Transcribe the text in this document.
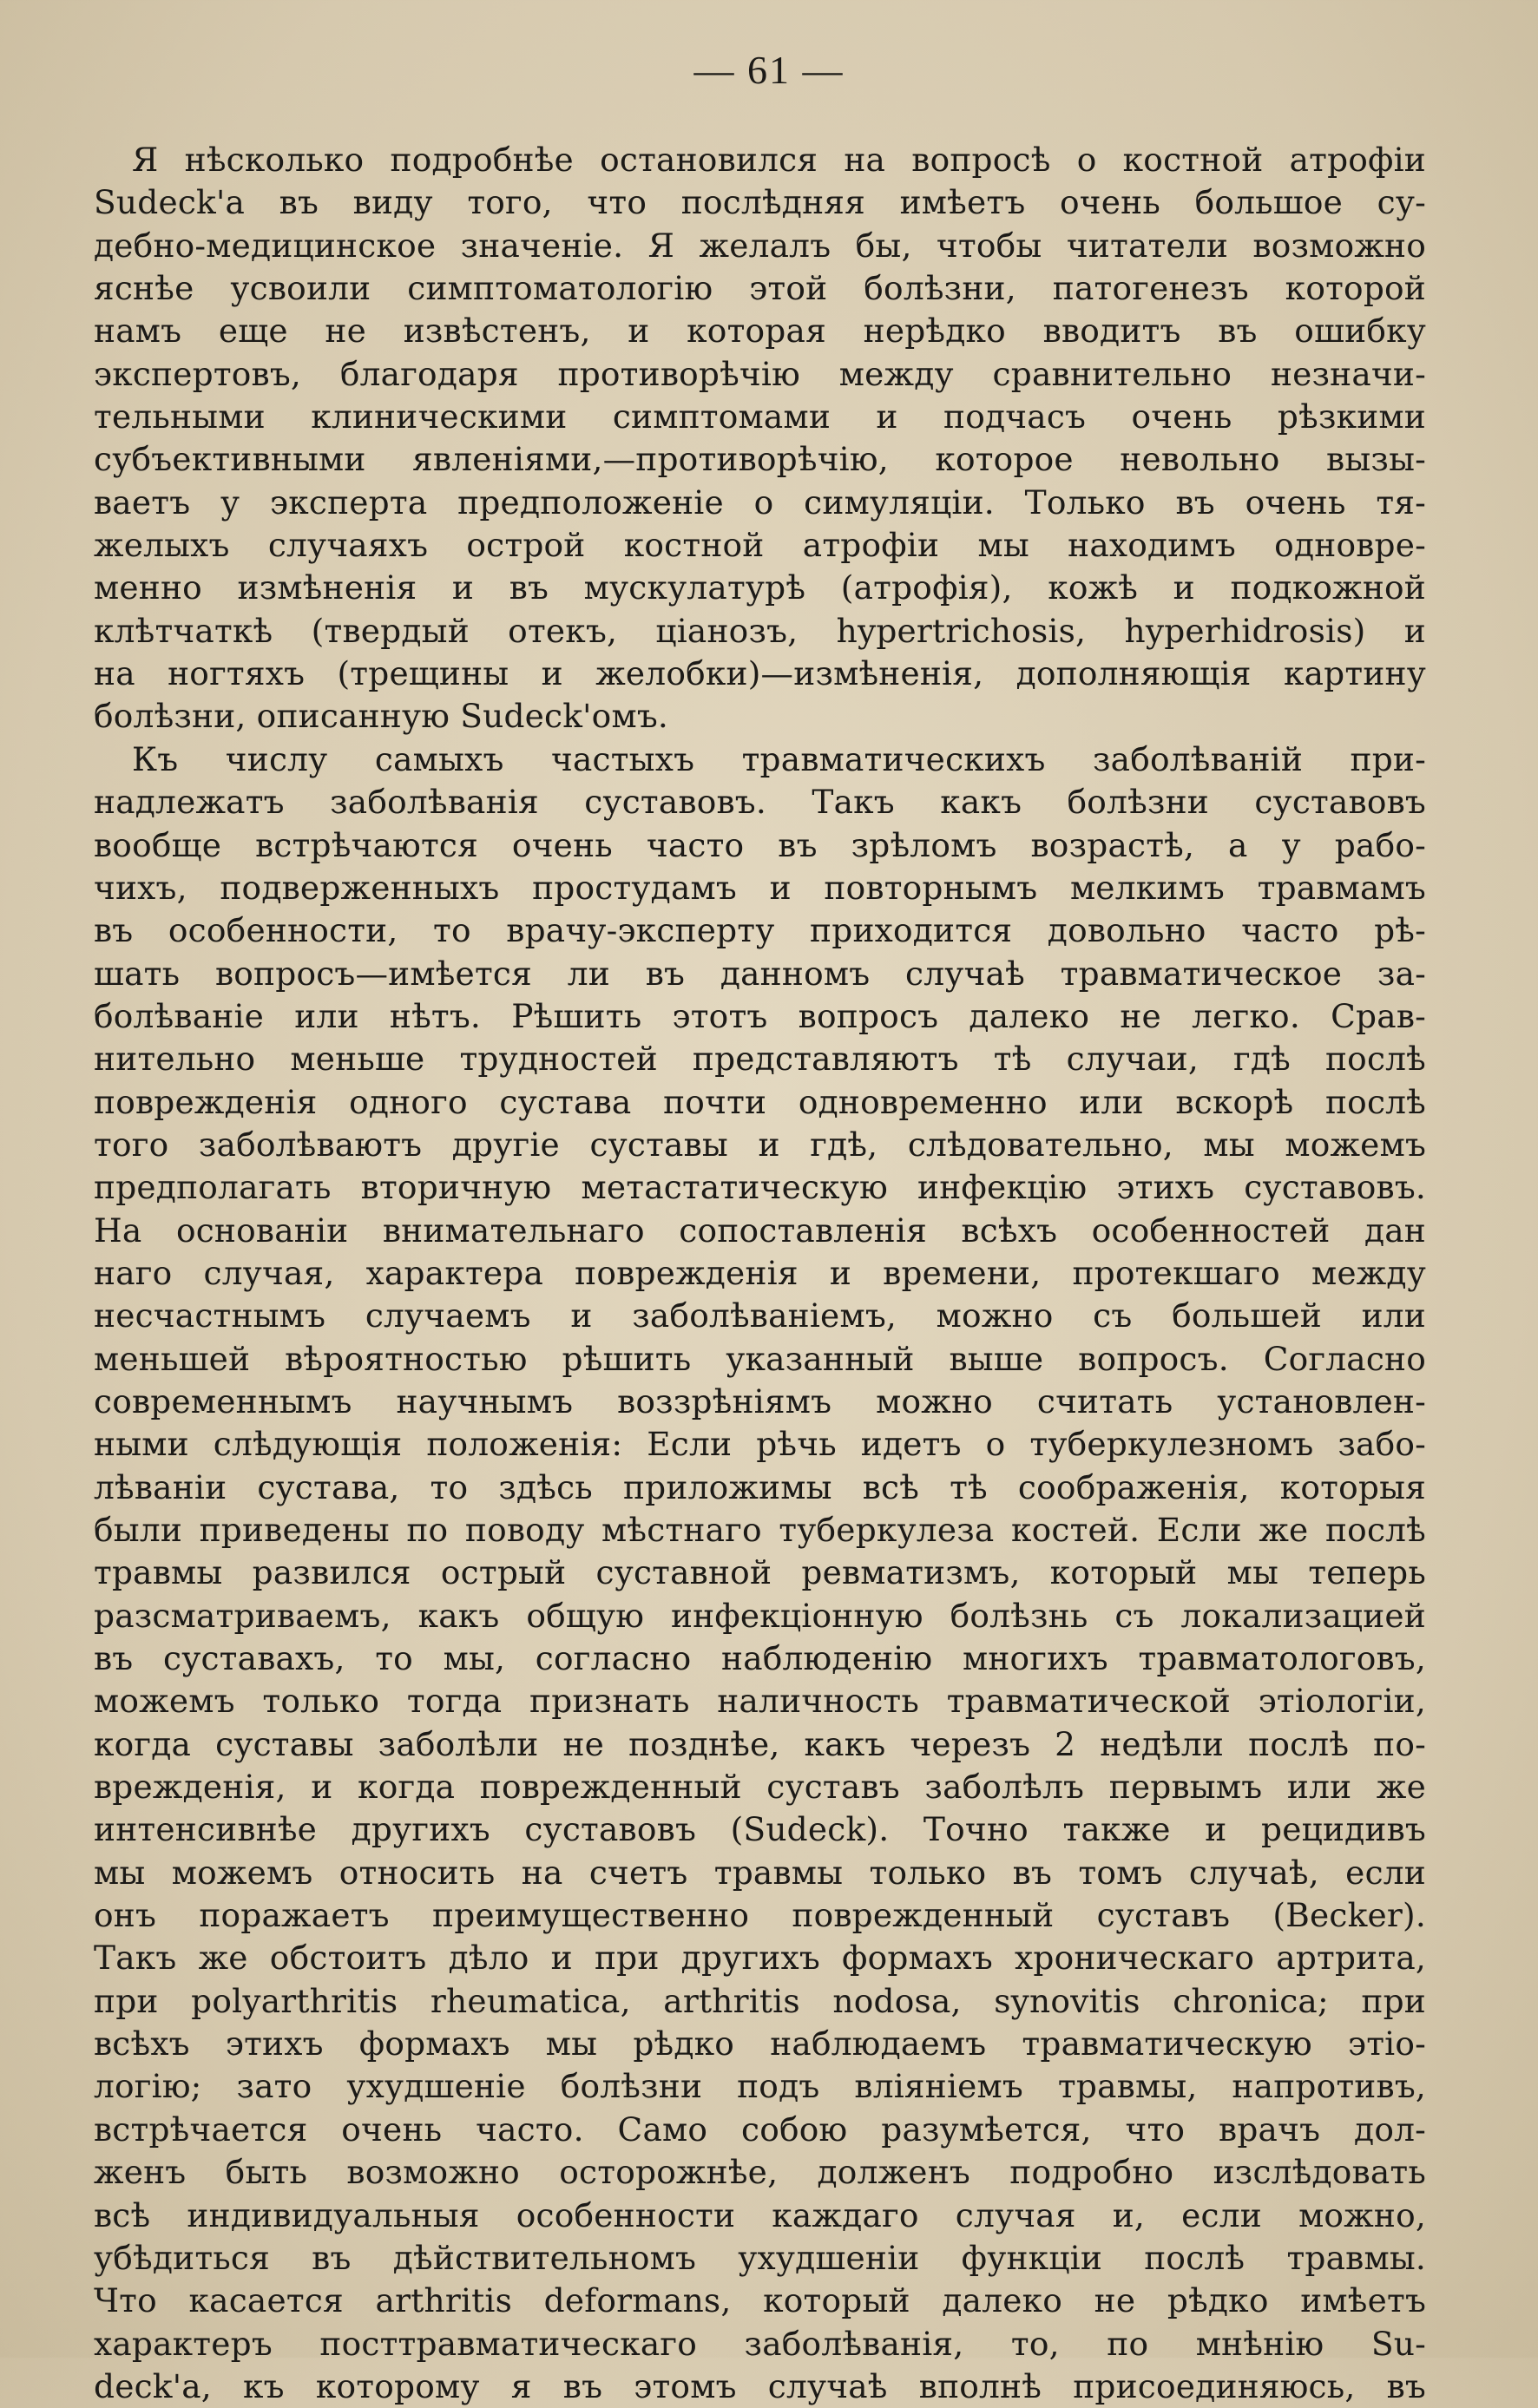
— 61 —
Я нѣсколько подробнѣе остановился на вопросѣ о костной атрофіи
Sudeck'а въ виду того, что послѣдняя имѣетъ очень большое су-
дебно-медицинское значеніе. Я желалъ бы, чтобы читатели возможно
яснѣе усвоили симптоматологію этой болѣзни, патогенезъ которой
намъ еще не извѣстенъ, и которая нерѣдко вводитъ въ ошибку
экспертовъ, благодаря противорѣчію между сравнительно незначи-
тельными клиническими симптомами и подчасъ очень рѣзкими
субъективными явленіями,—противорѣчію, которое невольно вызы-
ваетъ у эксперта предположеніе о симуляціи. Только въ очень тя-
желыхъ случаяхъ острой костной атрофіи мы находимъ одновре-
менно измѣненія и въ мускулатурѣ (атрофія), кожѣ и подкожной
клѣтчаткѣ (твердый отекъ, ціанозъ, hypertrichosis, hyperhidrosis) и
на ногтяхъ (трещины и желобки)—измѣненія, дополняющія картину
болѣзни, описанную Sudeck'омъ.
Къ числу самыхъ частыхъ травматическихъ заболѣваній при-
надлежатъ заболѣванія суставовъ. Такъ какъ болѣзни суставовъ
вообще встрѣчаются очень часто въ зрѣломъ возрастѣ, а у рабо-
чихъ, подверженныхъ простудамъ и повторнымъ мелкимъ травмамъ
въ особенности, то врачу-эксперту приходится довольно часто рѣ-
шать вопросъ—имѣется ли въ данномъ случаѣ травматическое за-
болѣваніе или нѣтъ. Рѣшить этотъ вопросъ далеко не легко. Срав-
нительно меньше трудностей представляютъ тѣ случаи, гдѣ послѣ
поврежденія одного сустава почти одновременно или вскорѣ послѣ
того заболѣваютъ другіе суставы и гдѣ, слѣдовательно, мы можемъ
предполагать вторичную метастатическую инфекцію этихъ суставовъ.
На основаніи внимательнаго сопоставленія всѣхъ особенностей дан
наго случая, характера поврежденія и времени, протекшаго между
несчастнымъ случаемъ и заболѣваніемъ, можно съ большей или
меньшей вѣроятностью рѣшить указанный выше вопросъ. Согласно
современнымъ научнымъ воззрѣніямъ можно считать установлен-
ными слѣдующія положенія: Если рѣчь идетъ о туберкулезномъ забо-
лѣваніи сустава, то здѣсь приложимы всѣ тѣ соображенія, которыя
были приведены по поводу мѣстнаго туберкулеза костей. Если же послѣ
травмы развился острый суставной ревматизмъ, который мы теперь
разсматриваемъ, какъ общую инфекціонную болѣзнь съ локализацией
въ суставахъ, то мы, согласно наблюденію многихъ травматологовъ,
можемъ только тогда признать наличность травматической этіологіи,
когда суставы заболѣли не позднѣе, какъ черезъ 2 недѣли послѣ по-
врежденія, и когда поврежденный суставъ заболѣлъ первымъ или же
интенсивнѣе другихъ суставовъ (Sudeck). Точно также и рецидивъ
мы можемъ относить на счетъ травмы только въ томъ случаѣ, если
онъ поражаетъ преимущественно поврежденный суставъ (Becker).
Такъ же обстоитъ дѣло и при другихъ формахъ хроническаго артрита,
при polyarthritis rheumatica, arthritis nodosa, synovitis chronica; при
всѣхъ этихъ формахъ мы рѣдко наблюдаемъ травматическую этіо-
логію; зато ухудшеніе болѣзни подъ вліяніемъ травмы, напротивъ,
встрѣчается очень часто. Само собою разумѣется, что врачъ дол-
женъ быть возможно осторожнѣе, долженъ подробно изслѣдовать
всѣ индивидуальныя особенности каждаго случая и, если можно,
убѣдиться въ дѣйствительномъ ухудшеніи функціи послѣ травмы.
Что касается arthritis deformans, который далеко не рѣдко имѣетъ
характеръ посттравматическаго заболѣванія, то, по мнѣнію Su-
deck'а, къ которому я въ этомъ случаѣ вполнѣ присоединяюсь, въ
